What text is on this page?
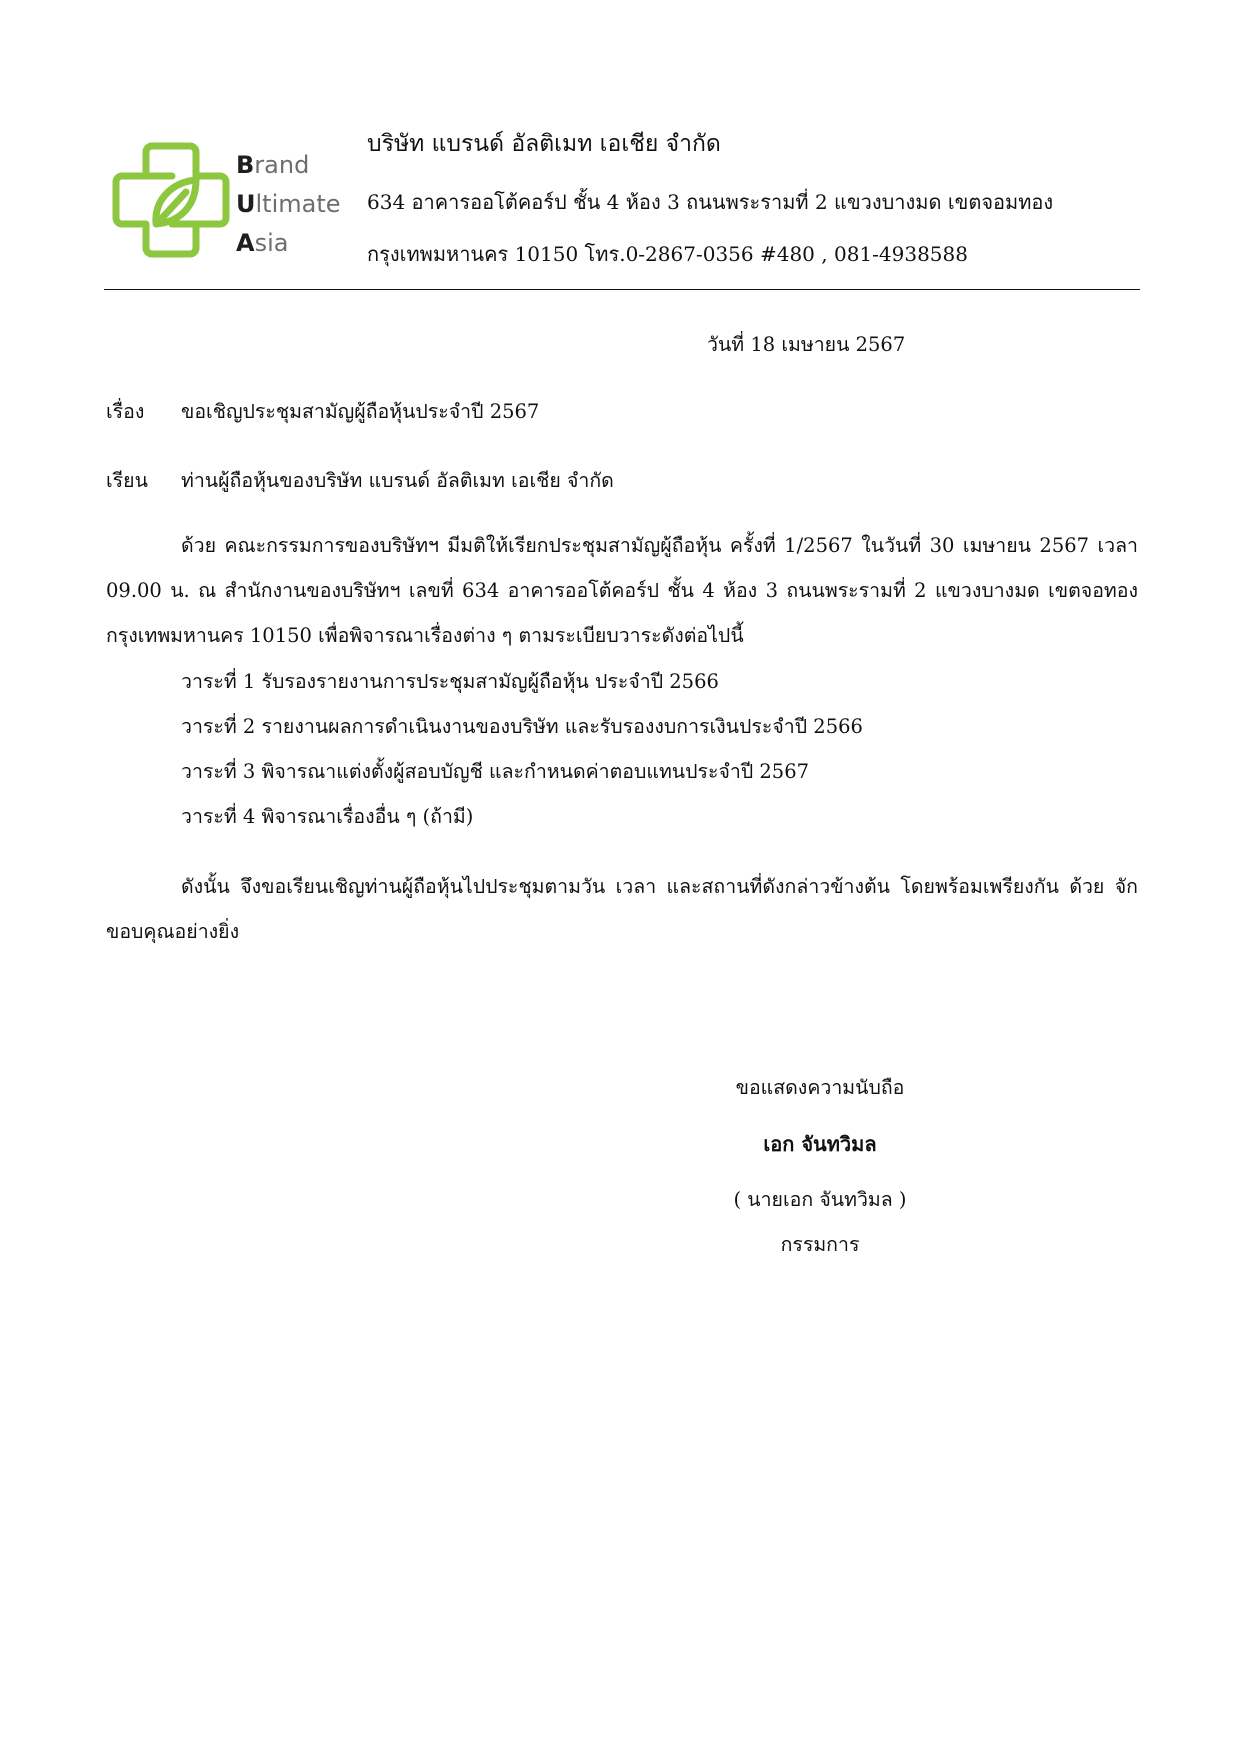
Brand
Ultimate
Asia
บริษัท แบรนด์ อัลติเมท เอเชีย จำกัด
634 อาคารออโต้คอร์ป ชั้น 4 ห้อง 3 ถนนพระรามที่ 2 แขวงบางมด เขตจอมทอง
กรุงเทพมหานคร 10150 โทร.0-2867-0356 #480 , 081-4938588
วันที่ 18 เมษายน 2567
เรื่อง ขอเชิญประชุมสามัญผู้ถือหุ้นประจำปี 2567
เรียน ท่านผู้ถือหุ้นของบริษัท แบรนด์ อัลติเมท เอเชีย จำกัด
ด้วย คณะกรรมการของบริษัทฯ มีมติให้เรียกประชุมสามัญผู้ถือหุ้น ครั้งที่ 1/2567 ในวันที่ 30 เมษายน 2567 เวลา 09.00 น. ณ สำนักงานของบริษัทฯ เลขที่ 634 อาคารออโต้คอร์ป ชั้น 4 ห้อง 3 ถนนพระรามที่ 2 แขวงบางมด เขตจอทอง กรุงเทพมหานคร 10150 เพื่อพิจารณาเรื่องต่าง ๆ ตามระเบียบวาระดังต่อไปนี้
วาระที่ 1 รับรองรายงานการประชุมสามัญผู้ถือหุ้น ประจำปี 2566
วาระที่ 2 รายงานผลการดำเนินงานของบริษัท และรับรองงบการเงินประจำปี 2566
วาระที่ 3 พิจารณาแต่งตั้งผู้สอบบัญชี และกำหนดค่าตอบแทนประจำปี 2567
วาระที่ 4 พิจารณาเรื่องอื่น ๆ (ถ้ามี)
ดังนั้น จึงขอเรียนเชิญท่านผู้ถือหุ้นไปประชุมตามวัน เวลา และสถานที่ดังกล่าวข้างต้น โดยพร้อมเพรียงกัน ด้วย จักขอบคุณอย่างยิ่ง
ขอแสดงความนับถือ
เอก จันทวิมล
( นายเอก จันทวิมล )
กรรมการ
